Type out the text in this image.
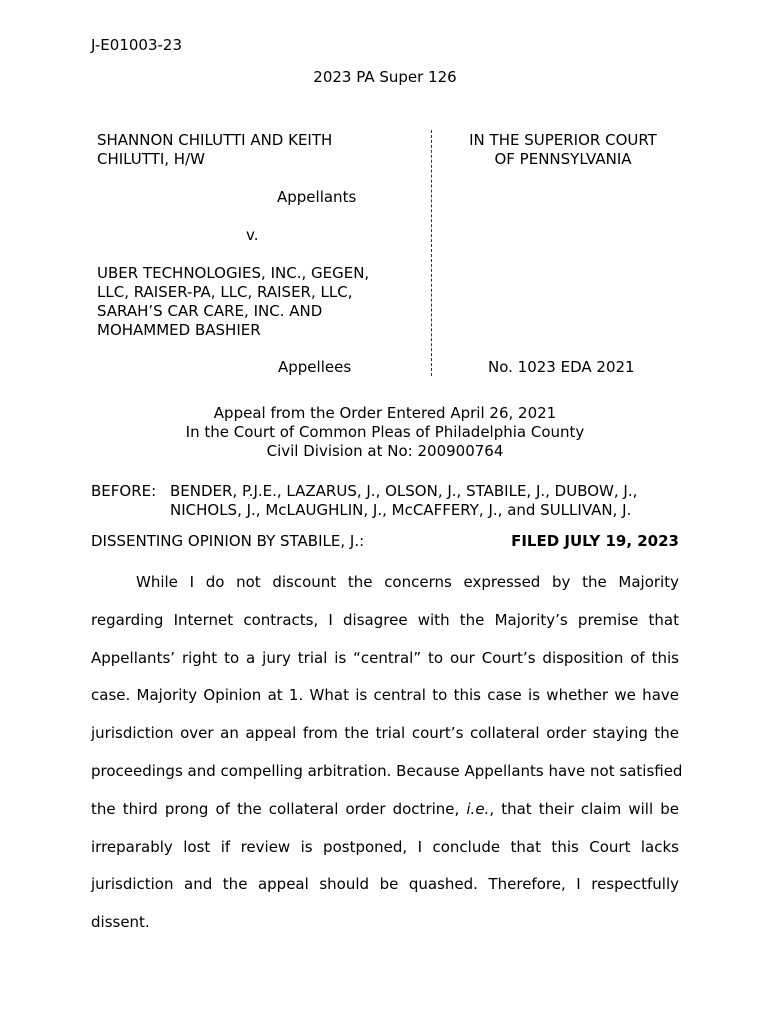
J-E01003-23
2023 PA Super 126
SHANNON CHILUTTI AND KEITH
CHILUTTI, H/W
Appellants
v.
UBER TECHNOLOGIES, INC., GEGEN,
LLC, RAISER-PA, LLC, RAISER, LLC,
SARAH’S CAR CARE, INC. AND
MOHAMMED BASHIER
Appellees
IN THE SUPERIOR COURT
OF PENNSYLVANIA
No. 1023 EDA 2021
Appeal from the Order Entered April 26, 2021
In the Court of Common Pleas of Philadelphia County
Civil Division at No: 200900764
BEFORE: BENDER, P.J.E., LAZARUS, J., OLSON, J., STABILE, J., DUBOW, J.,
NICHOLS, J., McLAUGHLIN, J., McCAFFERY, J., and SULLIVAN, J.
DISSENTING OPINION BY STABILE, J.:	FILED JULY 19, 2023
While I do not discount the concerns expressed by the Majority
regarding Internet contracts, I disagree with the Majority’s premise that
Appellants’ right to a jury trial is “central” to our Court’s disposition of this
case. Majority Opinion at 1. What is central to this case is whether we have
jurisdiction over an appeal from the trial court’s collateral order staying the
proceedings and compelling arbitration. Because Appellants have not satisfied
the third prong of the collateral order doctrine, i.e., that their claim will be
irreparably lost if review is postponed, I conclude that this Court lacks
jurisdiction and the appeal should be quashed. Therefore, I respectfully
dissent.
